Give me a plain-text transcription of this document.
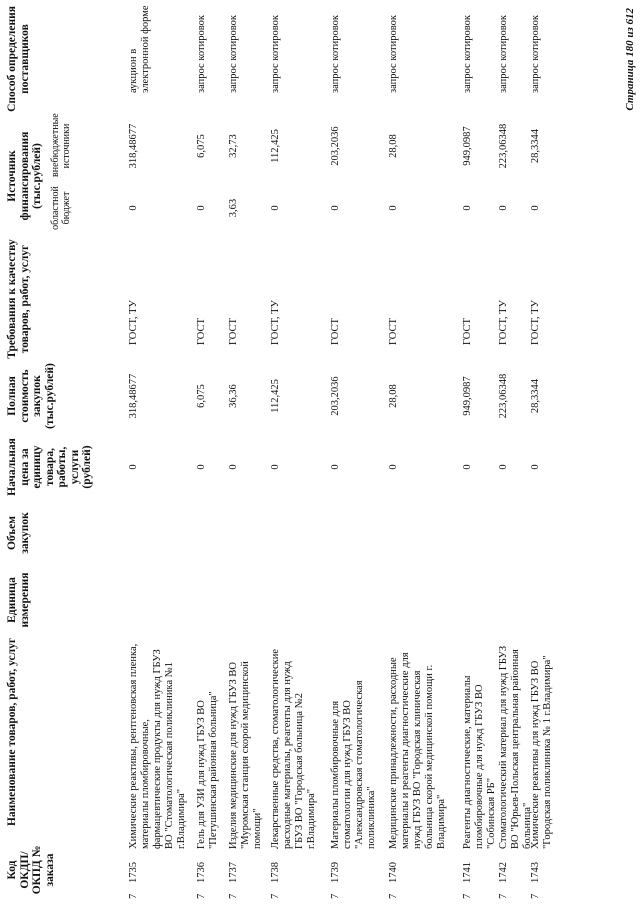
Код ОКДП/ ОКПД № заказа
Наименование товаров, работ, услуг
Единица измерения
Объем закупок
Начальная цена за единицу товара, работы, услуги (рублей)
Полная стоимость закупок (тыс.рублей)
Требования к качеству товаров, работ, услуг
Источник финансирования (тыс.рублей) областной бюджет
внебюджетные источники
Способ определения поставщиков
7
1735
Химические реактивы, рентгеновская пленка, материалы пломбировочные, фармацевтические продукты для нужд ГБУЗ ВО "Стоматологическая поликлиника №1 г.Владимира"
0
318,48677
ГОСТ, ТУ
0
318,48677
аукцион в электронной форме
7
1736
Гель для УЗИ для нужд ГБУЗ ВО "Петушинская районная больница"
0
6,075
ГОСТ
0
6,075
запрос котировок
7
1737
Изделия медицинские для нужд ГБУЗ ВО "Муромская станция скорой медицинской помощи"
0
36,36
ГОСТ
3,63
32,73
запрос котировок
7
1738
Лекарственные средства, стоматологические расходные материалы, реагенты для нужд ГБУЗ ВО "Городская больница №2 г.Владимира"
0
112,425
ГОСТ, ТУ
0
112,425
запрос котировок
7
1739
Материалы пломбировочные для стоматологии для нужд ГБУЗ ВО "Александровская стоматологическая поликлиника"
0
203,2036
ГОСТ
0
203,2036
запрос котировок
7
1740
Медицинские принадлежности, расходные материалы и реагенты диагностические для нужд ГБУЗ ВО "Городская клиническая больница скорой медицинской помощи г. Владимира"
0
28,08
ГОСТ
0
28,08
запрос котировок
7
1741
Реагенты диагностические, материалы пломбировочные для нужд ГБУЗ ВО "Собинская РБ"
0
949,0987
ГОСТ
0
949,0987
запрос котировок
7
1742
Стоматологический материал для нужд ГБУЗ ВО "Юрьев-Польская центральная районная больница"
0
223,06348
ГОСТ, ТУ
0
223,06348
запрос котировок
7
1743
Химические реактивы для нужд ГБУЗ ВО "Городская поликлиника № 1 г.Владимира"
0
28,3344
ГОСТ, ТУ
0
28,3344
запрос котировок	Страница 180 из 612
